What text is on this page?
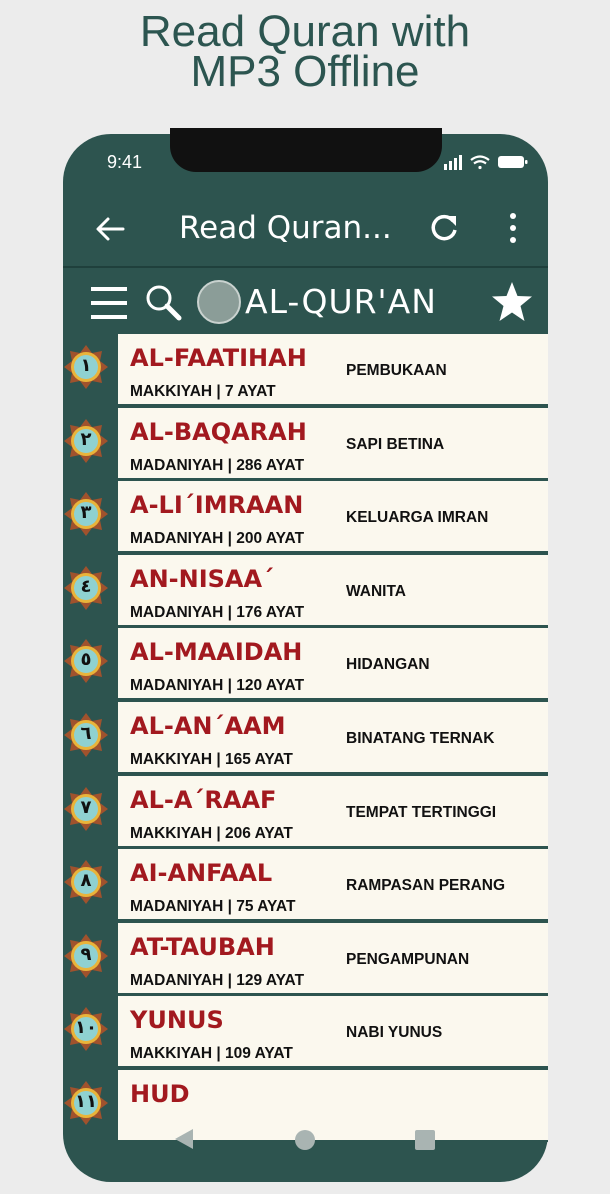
Read Quran with
MP3 Offline
9:41
Read Quran...
AL-QUR'AN
١	AL-FAATIHAH
MAKKIYAH | 7 AYAT
PEMBUKAAN
٢	AL-BAQARAH
MADANIYAH | 286 AYAT
SAPI BETINA
٣	A-LI´IMRAAN
MADANIYAH | 200 AYAT
KELUARGA IMRAN
٤	AN-NISAA´
MADANIYAH | 176 AYAT
WANITA
٥	AL-MAAIDAH
MADANIYAH | 120 AYAT
HIDANGAN
٦	AL-AN´AAM
MAKKIYAH | 165 AYAT
BINATANG TERNAK
٧	AL-A´RAAF
MAKKIYAH | 206 AYAT
TEMPAT TERTINGGI
٨	AI-ANFAAL
MADANIYAH | 75 AYAT
RAMPASAN PERANG
٩	AT-TAUBAH
MADANIYAH | 129 AYAT
PENGAMPUNAN
١٠	YUNUS
MAKKIYAH | 109 AYAT
NABI YUNUS
١١	HUD
